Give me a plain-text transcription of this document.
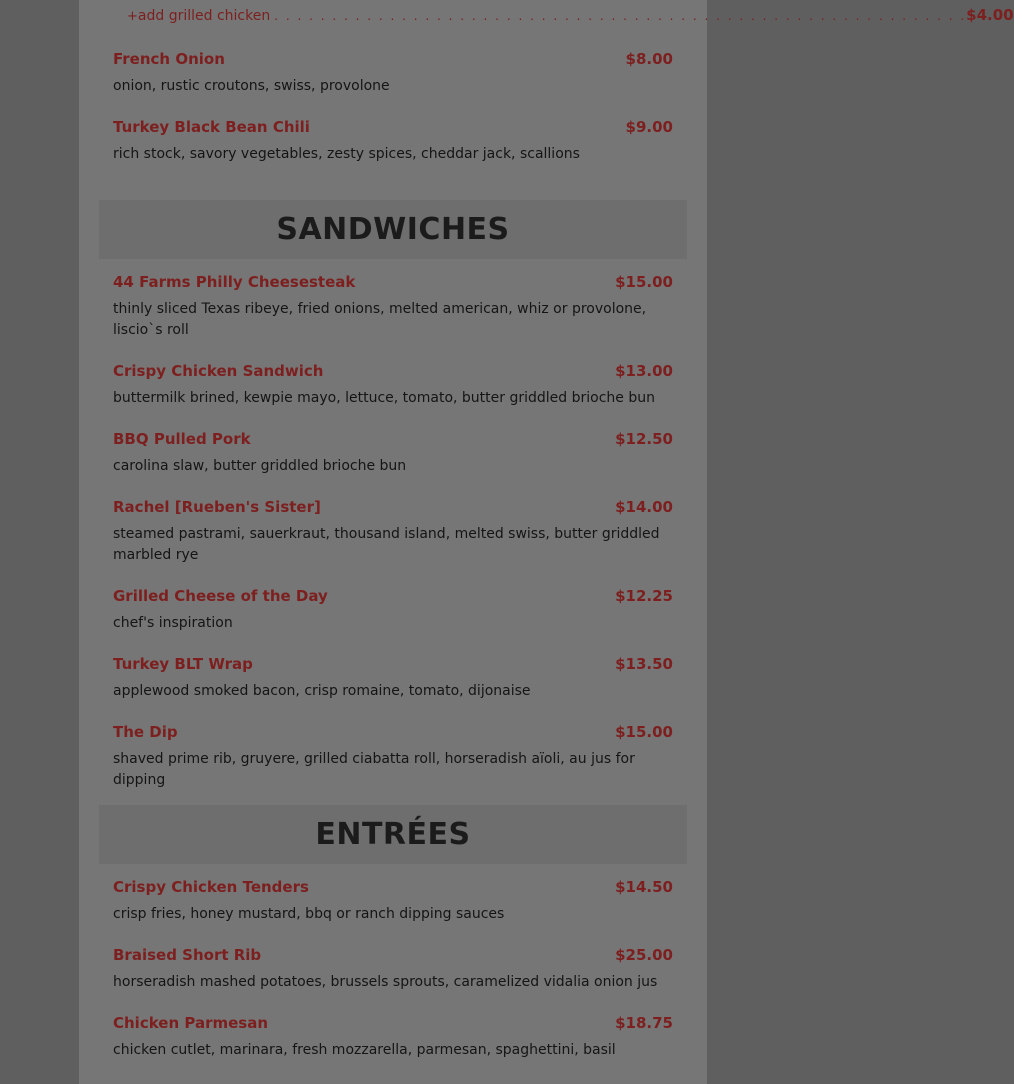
+ add grilled chicken . . . . . . . . . . . . . . . . . . . . . . . . . . . . . . . . . . . . . . . . . . . . . . . . . . . . . . . . . . . . $4.00
French Onion	$8.00
onion, rustic croutons, swiss, provolone
Turkey Black Bean Chili	$9.00
rich stock, savory vegetables, zesty spices, cheddar jack, scallions
SANDWICHES
44 Farms Philly Cheesesteak	$15.00
thinly sliced Texas ribeye, fried onions, melted american, whiz or provolone, liscio`s roll
Crispy Chicken Sandwich	$13.00
buttermilk brined, kewpie mayo, lettuce, tomato, butter griddled brioche bun
BBQ Pulled Pork	$12.50
carolina slaw, butter griddled brioche bun
Rachel [Rueben's Sister]	$14.00
steamed pastrami, sauerkraut, thousand island, melted swiss, butter griddled marbled rye
Grilled Cheese of the Day	$12.25
chef's inspiration
Turkey BLT Wrap	$13.50
applewood smoked bacon, crisp romaine, tomato, dijonaise
The Dip	$15.00
shaved prime rib, gruyere, grilled ciabatta roll, horseradish aïoli, au jus for dipping
ENTRÉES
Crispy Chicken Tenders	$14.50
crisp fries, honey mustard, bbq or ranch dipping sauces
Braised Short Rib	$25.00
horseradish mashed potatoes, brussels sprouts, caramelized vidalia onion jus
Chicken Parmesan	$18.75
chicken cutlet, marinara, fresh mozzarella, parmesan, spaghettini, basil
